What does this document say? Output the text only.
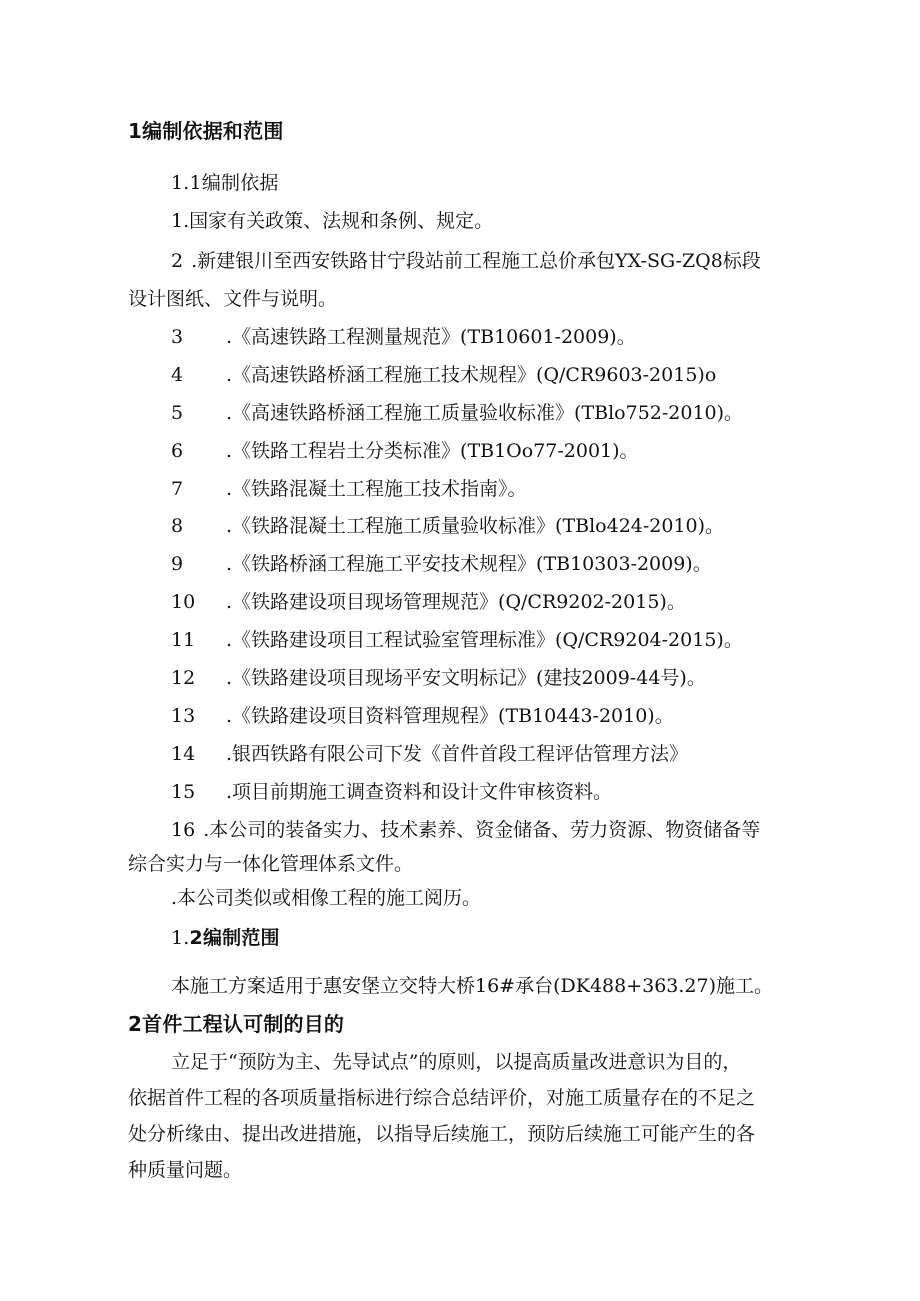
1编制依据和范围
1.1编制依据
1.国家有关政策、法规和条例、规定。
2 .新建银川至西安铁路甘宁段站前工程施工总价承包YX-SG-ZQ8标段
设计图纸、文件与说明。
3 .《高速铁路工程测量规范》(TB10601-2009)。
4 .《高速铁路桥涵工程施工技术规程》(Q/CR9603-2015)o
5 .《高速铁路桥涵工程施工质量验收标准》(TBlo752-2010)。
6 .《铁路工程岩土分类标准》(TB1Oo77-2001)。
7 .《铁路混凝土工程施工技术指南》。
8 .《铁路混凝土工程施工质量验收标准》(TBlo424-2010)。
9 .《铁路桥涵工程施工平安技术规程》(TB10303-2009)。
10 .《铁路建设项目现场管理规范》(Q/CR9202-2015)。
11 .《铁路建设项目工程试验室管理标准》(Q/CR9204-2015)。
12 .《铁路建设项目现场平安文明标记》(建技2009-44号)。
13 .《铁路建设项目资料管理规程》(TB10443-2010)。
14 .银西铁路有限公司下发《首件首段工程评估管理方法》
15 .项目前期施工调查资料和设计文件审核资料。
16 .本公司的装备实力、技术素养、资金储备、劳力资源、物资储备等
综合实力与一体化管理体系文件。
.本公司类似或相像工程的施工阅历。
1.2编制范围
本施工方案适用于惠安堡立交特大桥16#承台(DK488+363.27)施工。
2首件工程认可制的目的
立足于“预防为主、先导试点”的原则，以提高质量改进意识为目的，
依据首件工程的各项质量指标进行综合总结评价，对施工质量存在的不足之
处分析缘由、提出改进措施，以指导后续施工，预防后续施工可能产生的各
种质量问题。
